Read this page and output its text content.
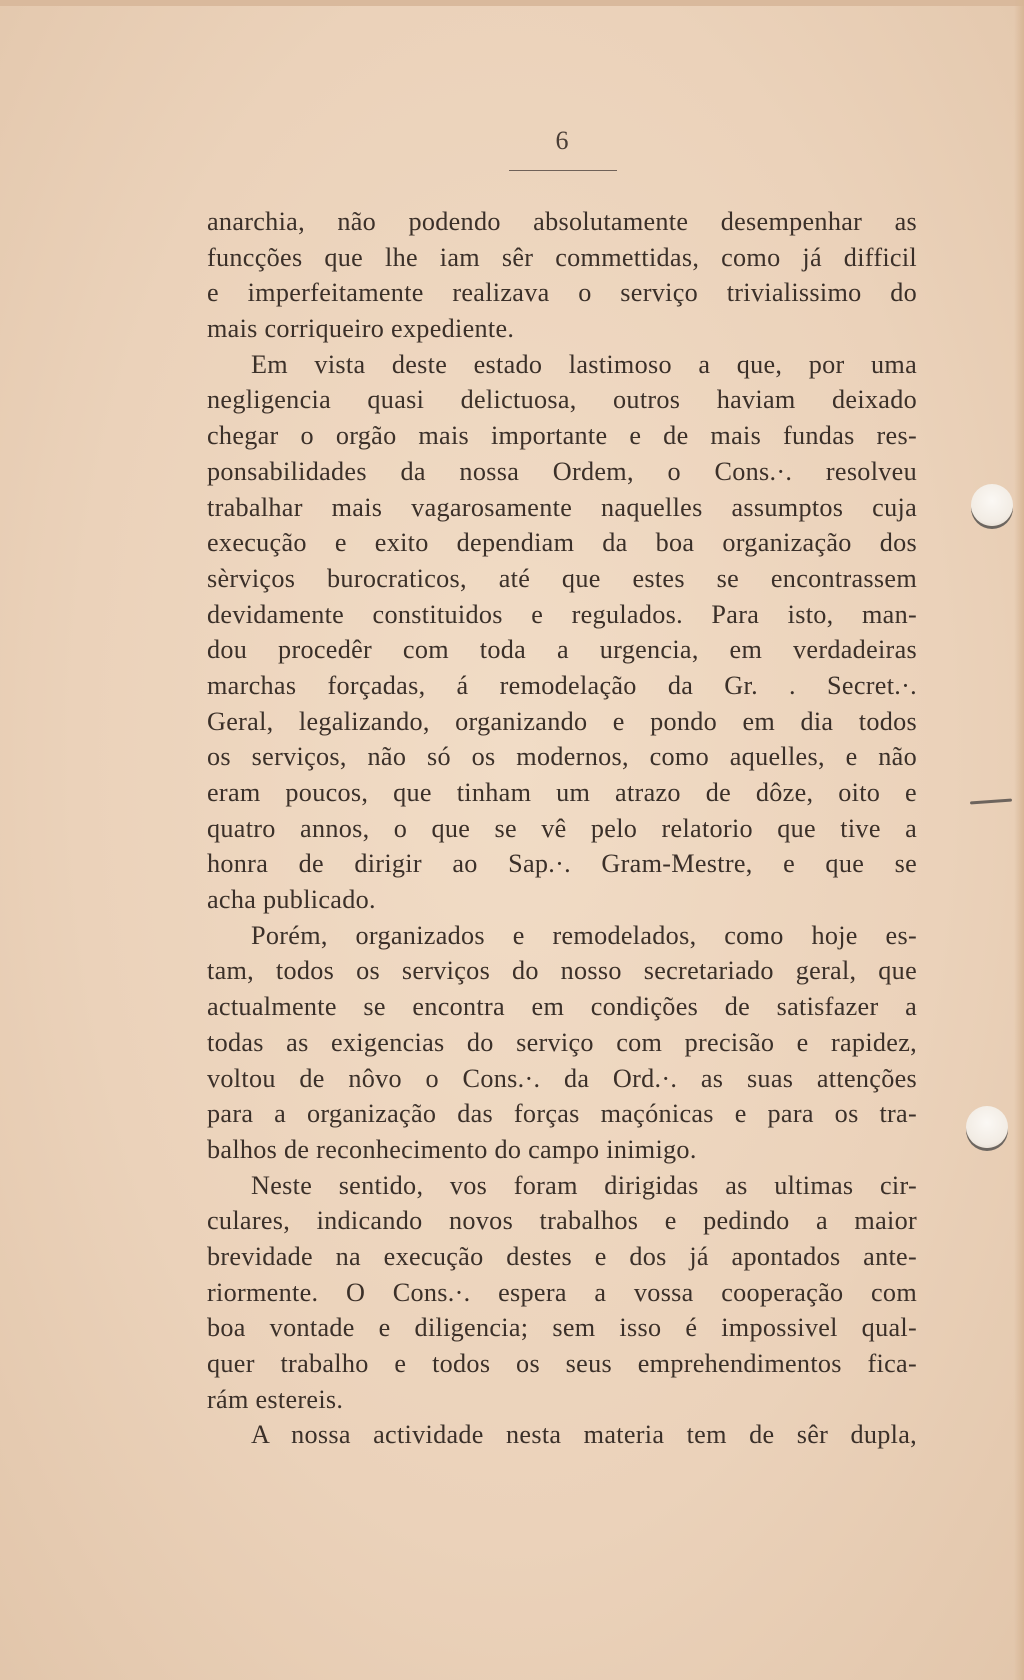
6
anarchia, não podendo absolutamente desempenhar as
funcções que lhe iam sêr commettidas, como já difficil
e imperfeitamente realizava o serviço trivialissimo do
mais corriqueiro expediente.
Em vista deste estado lastimoso a que, por uma
negligencia quasi delictuosa, outros haviam deixado
chegar o orgão mais importante e de mais fundas res-
ponsabilidades da nossa Ordem, o Cons.·. resolveu
trabalhar mais vagarosamente naquelles assumptos cuja
execução e exito dependiam da boa organização dos
sèrviços burocraticos, até que estes se encontrassem
devidamente constituidos e regulados. Para isto, man-
dou procedêr com toda a urgencia, em verdadeiras
marchas forçadas, á remodelação da Gr. . Secret.·.
Geral, legalizando, organizando e pondo em dia todos
os serviços, não só os modernos, como aquelles, e não
eram poucos, que tinham um atrazo de dôze, oito e
quatro annos, o que se vê pelo relatorio que tive a
honra de dirigir ao Sap.·. Gram-Mestre, e que se
acha publicado.
Porém, organizados e remodelados, como hoje es-
tam, todos os serviços do nosso secretariado geral, que
actualmente se encontra em condições de satisfazer a
todas as exigencias do serviço com precisão e rapidez,
voltou de nôvo o Cons.·. da Ord.·. as suas attenções
para a organização das forças maçónicas e para os tra-
balhos de reconhecimento do campo inimigo.
Neste sentido, vos foram dirigidas as ultimas cir-
culares, indicando novos trabalhos e pedindo a maior
brevidade na execução destes e dos já apontados ante-
riormente. O Cons.·. espera a vossa cooperação com
boa vontade e diligencia; sem isso é impossivel qual-
quer trabalho e todos os seus emprehendimentos fica-
rám estereis.
A nossa actividade nesta materia tem de sêr dupla,
